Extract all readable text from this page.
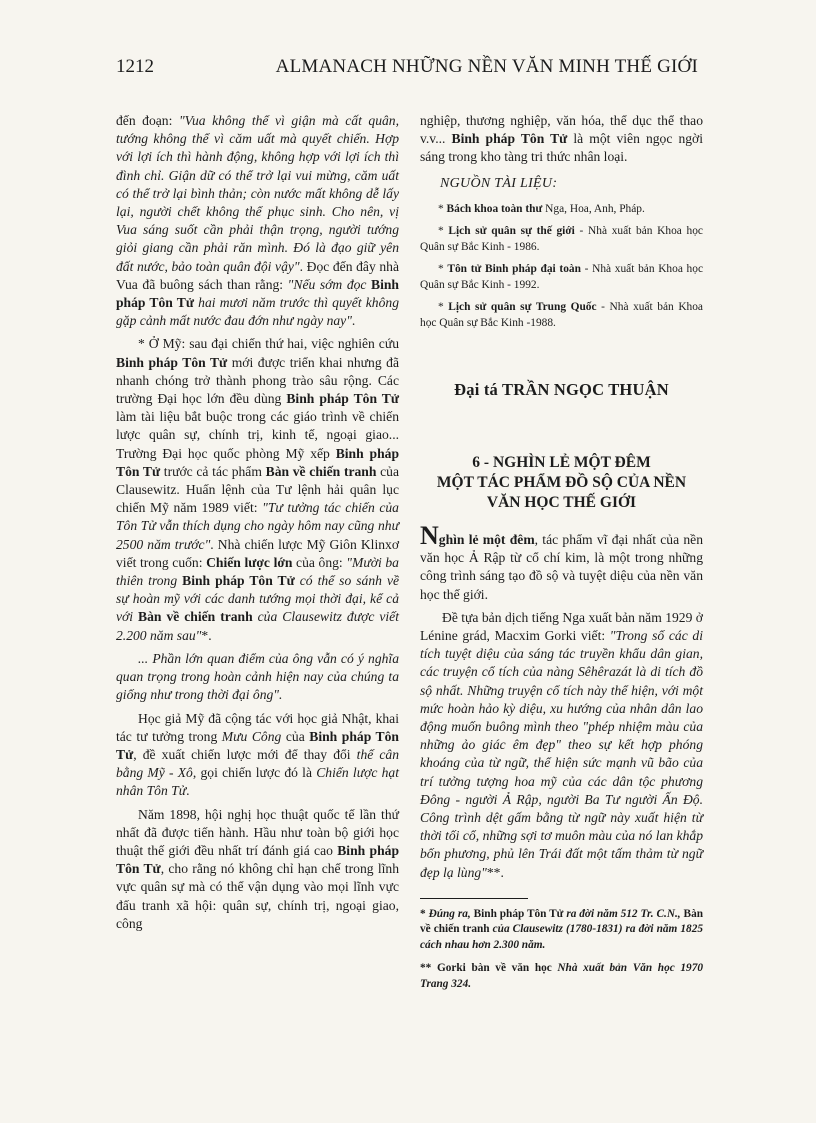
1212	ALMANACH NHỮNG NỀN VĂN MINH THẾ GIỚI

đến đoạn: "Vua không thể vì giận mà cất quân, tướng không thể vì căm uất mà quyết chiến. Hợp với lợi ích thì hành động, không hợp với lợi ích thì đình chỉ. Giận dữ có thể trở lại vui mừng, căm uất có thể trở lại bình thản; còn nước mất không dễ lấy lại, người chết không thể phục sinh. Cho nên, vị Vua sáng suốt cần phải thận trọng, người tướng giỏi giang cần phải răn mình. Đó là đạo giữ yên đất nước, bảo toàn quân đội vậy". Đọc đến đây nhà Vua đã buông sách than rằng: "Nếu sớm đọc Binh pháp Tôn Tử hai mươi năm trước thì quyết không gặp cảnh mất nước đau đớn như ngày nay".

* Ở Mỹ: sau đại chiến thứ hai, việc nghiên cứu Binh pháp Tôn Tử mới được triển khai nhưng đã nhanh chóng trở thành phong trào sâu rộng. Các trường Đại học lớn đều dùng Binh pháp Tôn Tử làm tài liệu bắt buộc trong các giáo trình về chiến lược quân sự, chính trị, kinh tế, ngoại giao... Trường Đại học quốc phòng Mỹ xếp Binh pháp Tôn Tử trước cả tác phẩm Bàn về chiến tranh của Clausewitz. Huấn lệnh của Tư lệnh hải quân lục chiến Mỹ năm 1989 viết: "Tư tưởng tác chiến của Tôn Tử vẫn thích dụng cho ngày hôm nay cũng như 2500 năm trước". Nhà chiến lược Mỹ Giôn Klinxơ viết trong cuốn: Chiến lược lớn của ông: "Mười ba thiên trong Binh pháp Tôn Tử có thể so sánh về sự hoàn mỹ với các danh tướng mọi thời đại, kể cả với Bàn về chiến tranh của Clausewitz được viết 2.200 năm sau"*.

... Phần lớn quan điểm của ông vẫn có ý nghĩa quan trọng trong hoàn cảnh hiện nay của chúng ta giống như trong thời đại ông".

Học giả Mỹ đã cộng tác với học giả Nhật, khai tác tư tưởng trong Mưu Công của Binh pháp Tôn Tử, đề xuất chiến lược mới để thay đổi thế cân bằng Mỹ - Xô, gọi chiến lược đó là Chiến lược hạt nhân Tôn Tử.

Năm 1898, hội nghị học thuật quốc tế lần thứ nhất đã được tiến hành. Hầu như toàn bộ giới học thuật thế giới đều nhất trí đánh giá cao Binh pháp Tôn Tử, cho rằng nó không chỉ hạn chế trong lĩnh vực quân sự mà có thể vận dụng vào mọi lĩnh vực đấu tranh xã hội: quân sự, chính trị, ngoại giao, công

nghiệp, thương nghiệp, văn hóa, thể dục thể thao v.v... Binh pháp Tôn Tử là một viên ngọc ngời sáng trong kho tàng tri thức nhân loại.

NGUỒN TÀI LIỆU:

* Bách khoa toàn thư Nga, Hoa, Anh, Pháp.

* Lịch sử quân sự thế giới - Nhà xuất bản Khoa học Quân sự Bắc Kinh - 1986.

* Tôn tử Binh pháp đại toàn - Nhà xuất bản Khoa học Quân sự Bắc Kinh - 1992.

* Lịch sử quân sự Trung Quốc - Nhà xuất bản Khoa học Quân sự Bắc Kinh -1988.

Đại tá TRẦN NGỌC THUẬN
6 - NGHÌN LẺ MỘT ĐÊM
MỘT TÁC PHẨM ĐỒ SỘ CỦA NỀN
VĂN HỌC THẾ GIỚI

Nghìn lẻ một đêm, tác phẩm vĩ đại nhất của nền văn học Ả Rập từ cổ chí kim, là một trong những công trình sáng tạo đồ sộ và tuyệt diệu của nền văn học thế giới.

Đề tựa bản dịch tiếng Nga xuất bản năm 1929 ở Lénine grád, Macxim Gorki viết: "Trong số các di tích tuyệt diệu của sáng tác truyền khẩu dân gian, các truyện cổ tích của nàng Sêhêrazát là di tích đồ sộ nhất. Những truyện cổ tích này thể hiện, với một mức hoàn hảo kỳ diệu, xu hướng của nhân dân lao động muốn buông mình theo "phép nhiệm màu của những ảo giác êm đẹp" theo sự kết hợp phóng khoáng của từ ngữ, thể hiện sức mạnh vũ bão của trí tưởng tượng hoa mỹ của các dân tộc phương Đông - người Ả Rập, người Ba Tư người Ấn Độ. Công trình dệt gấm bằng từ ngữ này xuất hiện từ thời tối cổ, những sợi tơ muôn màu của nó lan khắp bốn phương, phủ lên Trái đất một tấm thảm từ ngữ đẹp lạ lùng"**.

* Đúng ra, Binh pháp Tôn Tử ra đời năm 512 Tr. C.N., Bàn về chiến tranh của Clausewitz (1780-1831) ra đời năm 1825 cách nhau hơn 2.300 năm.

** Gorki bàn về văn học Nhà xuất bản Văn học 1970 Trang 324.
